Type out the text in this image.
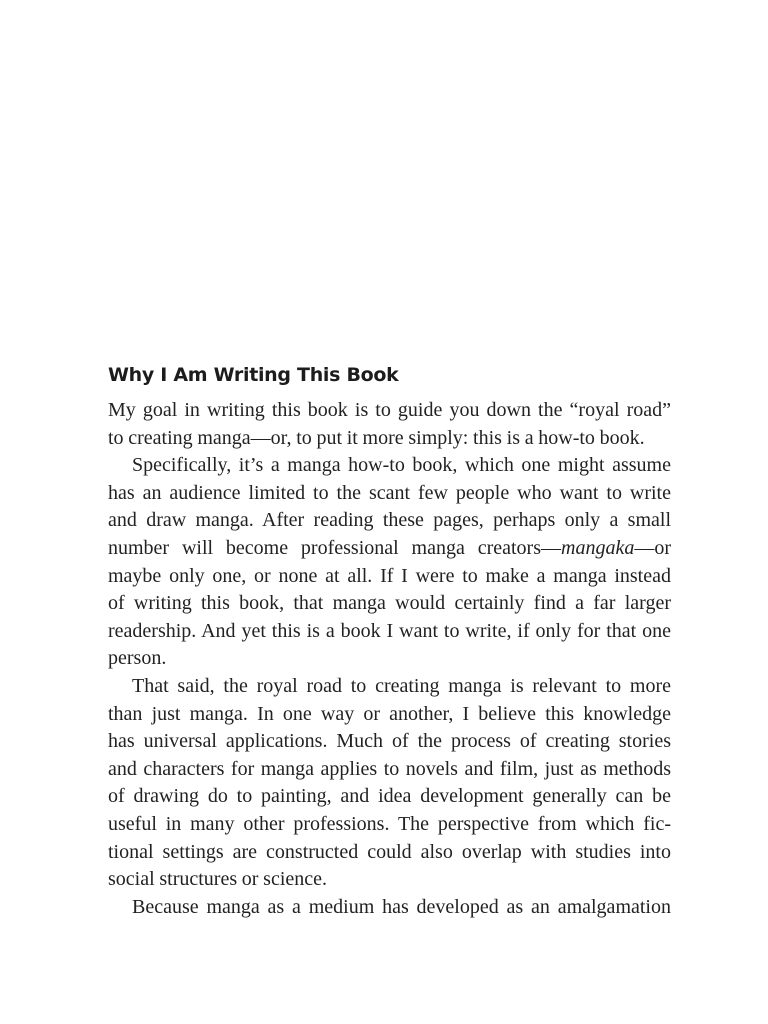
Why I Am Writing This Book
My goal in writing this book is to guide you down the “royal road”
to creating manga—or, to put it more simply: this is a how-to book.
Specifically, it’s a manga how-to book, which one might assume
has an audience limited to the scant few people who want to write
and draw manga. After reading these pages, perhaps only a small
number will become professional manga creators—mangaka—or
maybe only one, or none at all. If I were to make a manga instead
of writing this book, that manga would certainly find a far larger
readership. And yet this is a book I want to write, if only for that one
person.
That said, the royal road to creating manga is relevant to more
than just manga. In one way or another, I believe this knowledge
has universal applications. Much of the process of creating stories
and characters for manga applies to novels and film, just as methods
of drawing do to painting, and idea development generally can be
useful in many other professions. The perspective from which fic-
tional settings are constructed could also overlap with studies into
social structures or science.
Because manga as a medium has developed as an amalgamation
